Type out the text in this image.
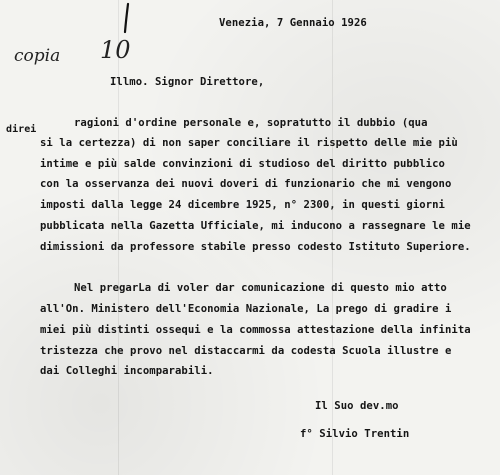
copia 10
Venezia, 7 Gennaio 1926
Illmo. Signor Direttore,
direi
ragioni d'ordine personale e, sopratutto il dubbio (qua
si la certezza) di non saper conciliare il rispetto delle mie più
intime e più salde convinzioni di studioso del diritto pubblico
con la osservanza dei nuovi doveri di funzionario che mi vengono
imposti dalla legge 24 dicembre 1925, n° 2300, in questi giorni
pubblicata nella Gazetta Ufficiale, mi inducono a rassegnare le mie
dimissioni da professore stabile presso codesto Istituto Superiore.
Nel pregarLa di voler dar comunicazione di questo mio atto
all'On. Ministero dell'Economia Nazionale, La prego di gradire i
miei più distinti ossequi e la commossa attestazione della infinita
tristezza che provo nel distaccarmi da codesta Scuola illustre e
dai Colleghi incomparabili.
Il Suo dev.mo
f° Silvio Trentin
